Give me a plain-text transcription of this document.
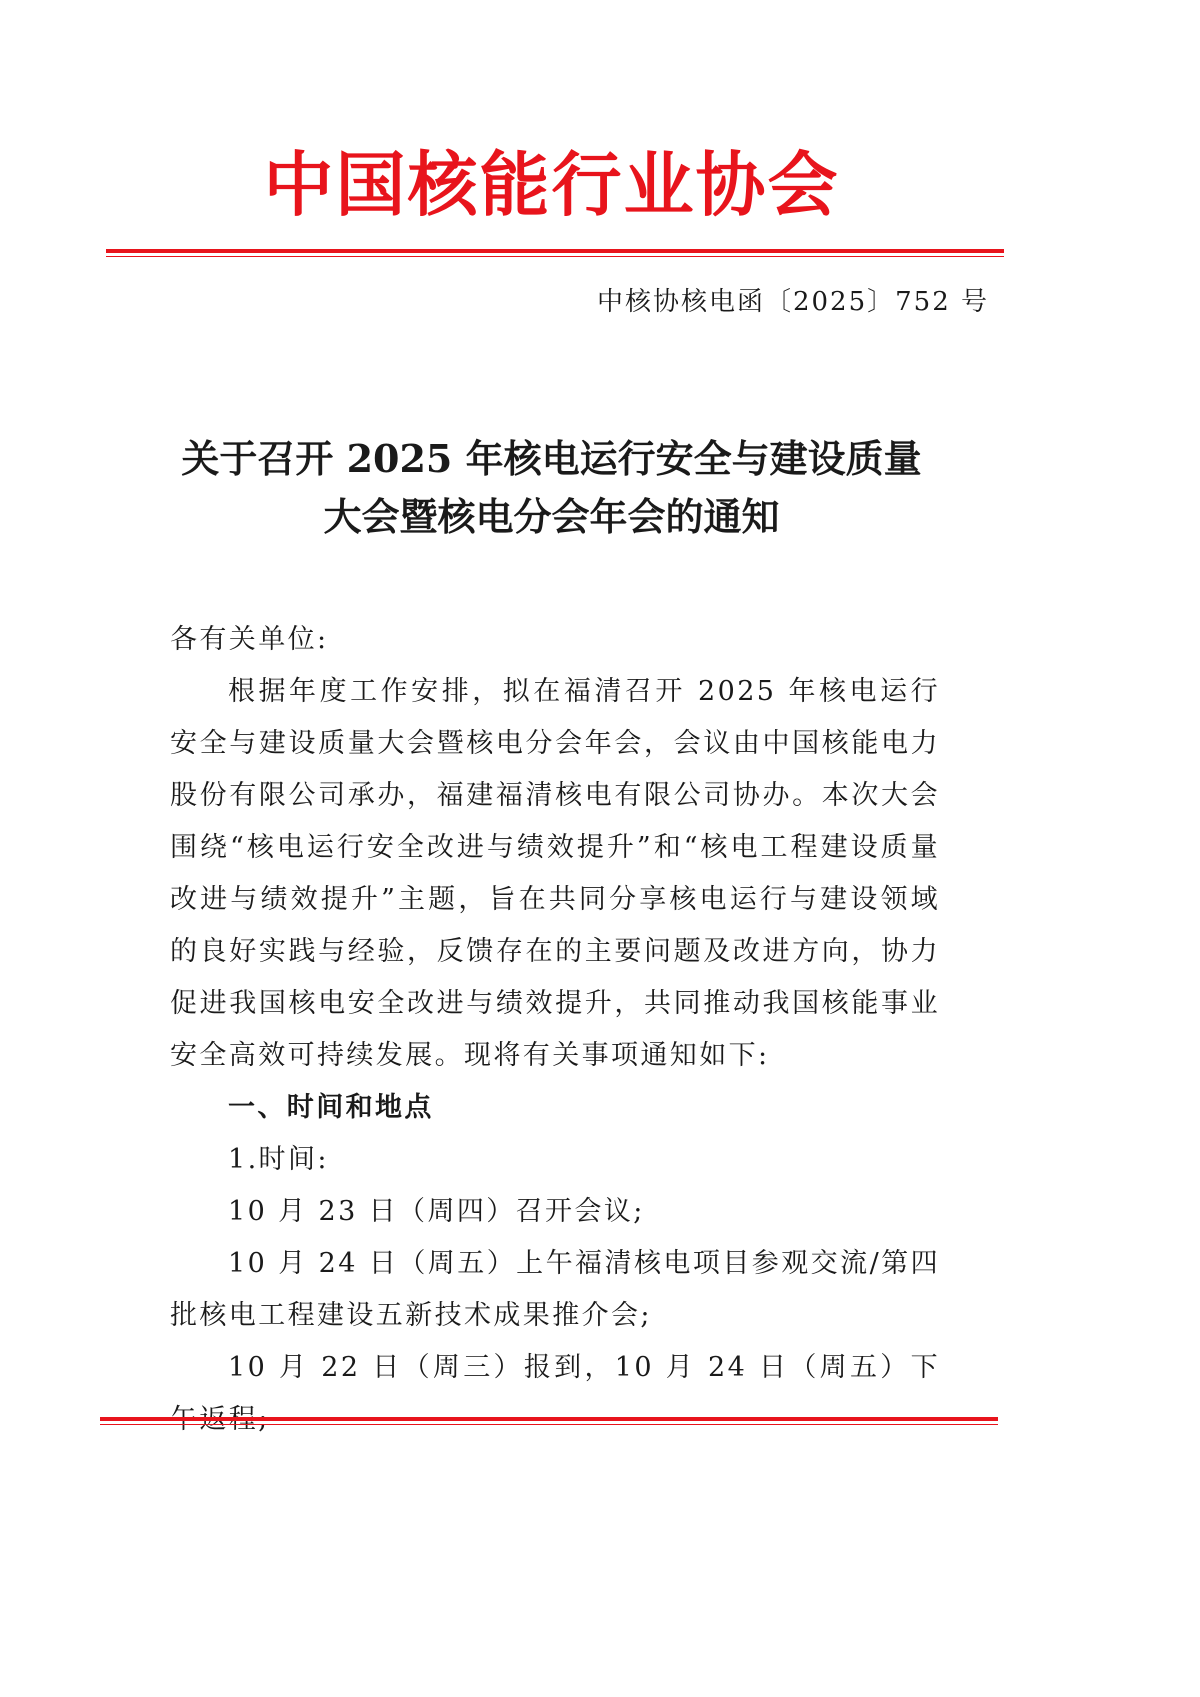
中国核能行业协会
中核协核电函〔2025〕752 号
关于召开 2025 年核电运行安全与建设质量
大会暨核电分会年会的通知

各有关单位:

根据年度工作安排，拟在福清召开 2025 年核电运行安全与建设质量大会暨核电分会年会，会议由中国核能电力股份有限公司承办，福建福清核电有限公司协办。本次大会围绕“核电运行安全改进与绩效提升”和“核电工程建设质量改进与绩效提升”主题，旨在共同分享核电运行与建设领域的良好实践与经验，反馈存在的主要问题及改进方向，协力促进我国核电安全改进与绩效提升，共同推动我国核能事业安全高效可持续发展。现将有关事项通知如下:

一、时间和地点

1.时间:

10 月 23 日（周四）召开会议;

10 月 24 日（周五）上午福清核电项目参观交流/第四批核电工程建设五新技术成果推介会;

10 月 22 日（周三）报到，10 月 24 日（周五）下午返程;
